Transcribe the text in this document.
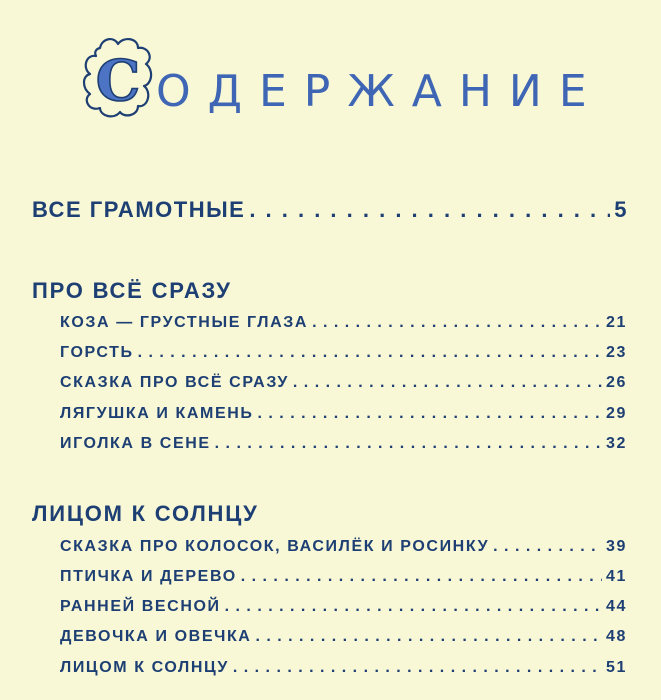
С ОДЕРЖАНИЕ
ВСЕ ГРАМОТНЫЕ . . .	5
ПРО ВСЁ СРАЗУ
КОЗА — ГРУСТНЫЕ ГЛАЗА . . .	21
ГОРСТЬ . . .	23
СКАЗКА ПРО ВСЁ СРАЗУ . . .	26
ЛЯГУШКА И КАМЕНЬ . . .	29
ИГОЛКА В СЕНЕ . . .	32
ЛИЦОМ К СОЛНЦУ
СКАЗКА ПРО КОЛОСОК, ВАСИЛЁК И РОСИНКУ . . .	39
ПТИЧКА И ДЕРЕВО . . .	41
РАННЕЙ ВЕСНОЙ . . .	44
ДЕВОЧКА И ОВЕЧКА . . .	48
ЛИЦОМ К СОЛНЦУ . . .	51
